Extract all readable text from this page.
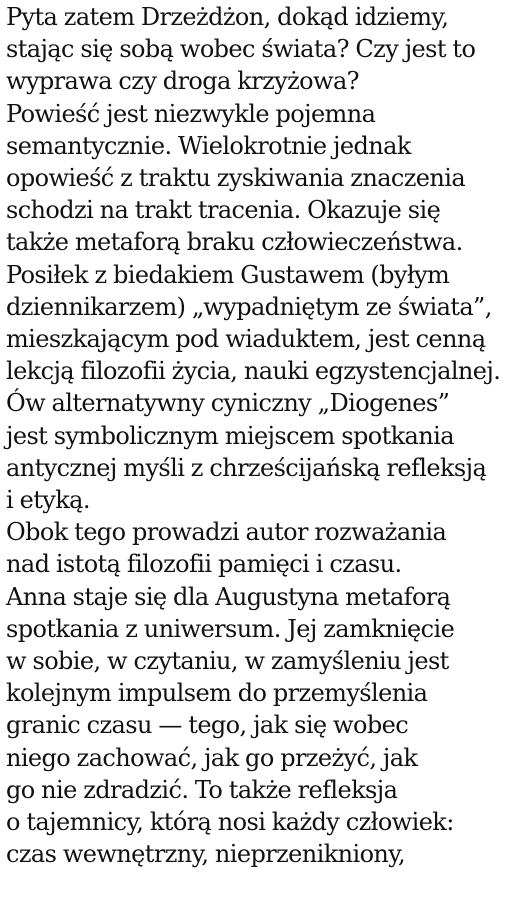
Pyta zatem Drzeżdżon, dokąd idziemy,
stając się sobą wobec świata? Czy jest to
wyprawa czy droga krzyżowa?
Powieść jest niezwykle pojemna
semantycznie. Wielokrotnie jednak
opowieść z traktu zyskiwania znaczenia
schodzi na trakt tracenia. Okazuje się
także metaforą braku człowieczeństwa.
Posiłek z biedakiem Gustawem (byłym
dziennikarzem) „wypadniętym ze świata”,
mieszkającym pod wiaduktem, jest cenną
lekcją filozofii życia, nauki egzystencjalnej.
Ów alternatywny cyniczny „Diogenes”
jest symbolicznym miejscem spotkania
antycznej myśli z chrześcijańską refleksją
i etyką.
Obok tego prowadzi autor rozważania
nad istotą filozofii pamięci i czasu.
Anna staje się dla Augustyna metaforą
spotkania z uniwersum. Jej zamknięcie
w sobie, w czytaniu, w zamyśleniu jest
kolejnym impulsem do przemyślenia
granic czasu — tego, jak się wobec
niego zachować, jak go przeżyć, jak
go nie zdradzić. To także refleksja
o tajemnicy, którą nosi każdy człowiek:
czas wewnętrzny, nieprzenikniony,
